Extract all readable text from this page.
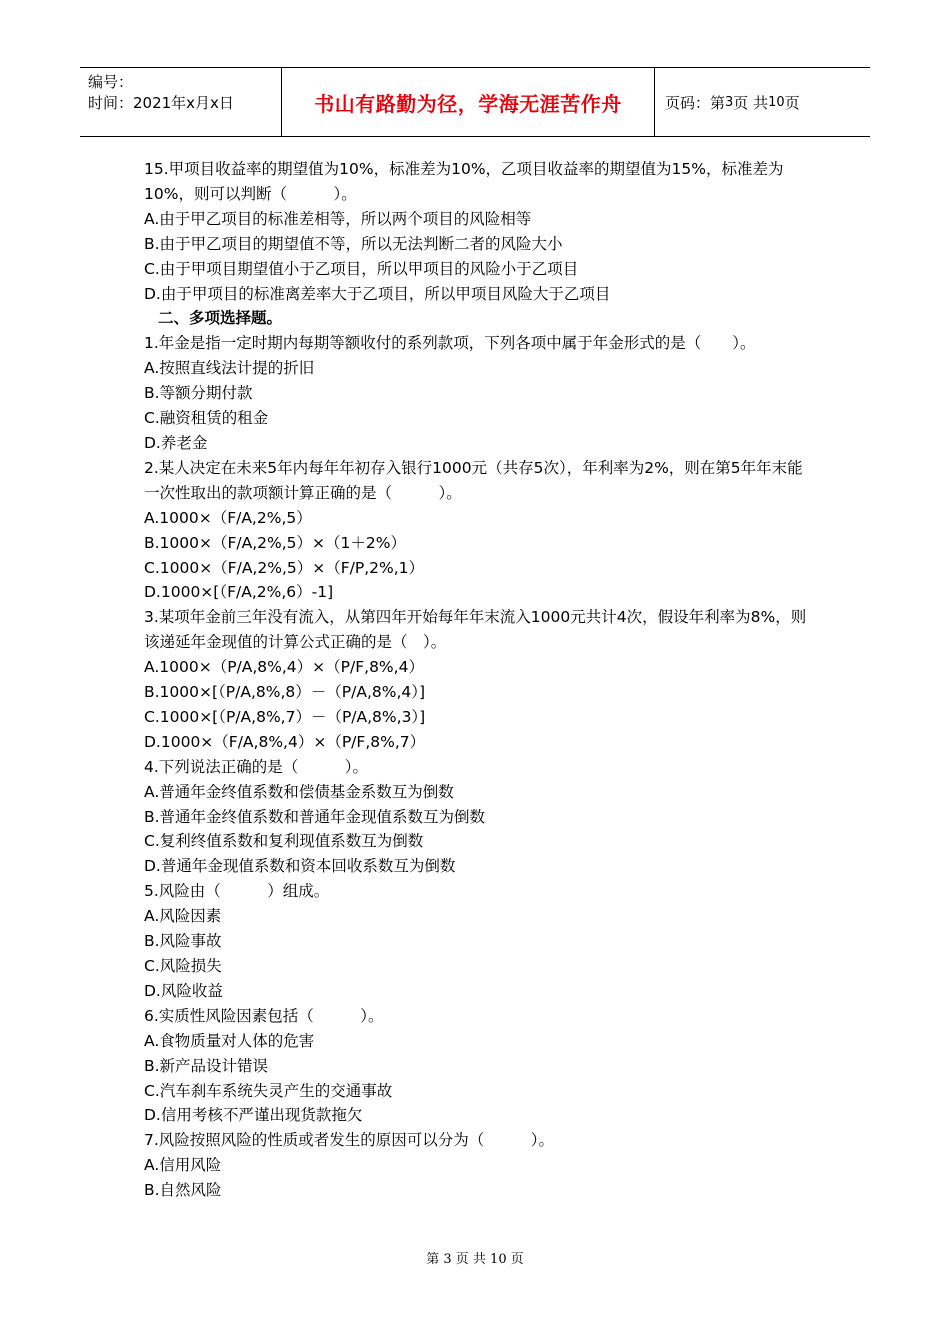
编号：
时间：2021年x月x日	书山有路勤为径，学海无涯苦作舟	页码：第 3 页 共 10 页

15.甲项目收益率的期望值为10%，标准差为10%，乙项目收益率的期望值为15%，标准差为10%，则可以判断（　　　）。

A.由于甲乙项目的标准差相等，所以两个项目的风险相等

B.由于甲乙项目的期望值不等，所以无法判断二者的风险大小

C.由于甲项目期望值小于乙项目，所以甲项目的风险小于乙项目

D.由于甲项目的标准离差率大于乙项目，所以甲项目风险大于乙项目

二、多项选择题。

1.年金是指一定时期内每期等额收付的系列款项，下列各项中属于年金形式的是（　　）。

A.按照直线法计提的折旧

B.等额分期付款

C.融资租赁的租金

D.养老金

2.某人决定在未来5年内每年年初存入银行1000元（共存5次），年利率为2%，则在第5年年末能一次性取出的款项额计算正确的是（　　　）。

A.1000×（F/A,2%,5）

B.1000×（F/A,2%,5）×（1＋2%）

C.1000×（F/A,2%,5）×（F/P,2%,1）

D.1000×[（F/A,2%,6）-1]

3.某项年金前三年没有流入，从第四年开始每年年末流入1000元共计4次，假设年利率为8%，则该递延年金现值的计算公式正确的是（　）。

A.1000×（P/A,8%,4）×（P/F,8%,4）

B.1000×[（P/A,8%,8）－（P/A,8%,4）]

C.1000×[（P/A,8%,7）－（P/A,8%,3）]

D.1000×（F/A,8%,4）×（P/F,8%,7）

4.下列说法正确的是（　　　）。

A.普通年金终值系数和偿债基金系数互为倒数

B.普通年金终值系数和普通年金现值系数互为倒数

C.复利终值系数和复利现值系数互为倒数

D.普通年金现值系数和资本回收系数互为倒数

5.风险由（　　　）组成。

A.风险因素

B.风险事故

C.风险损失

D.风险收益

6.实质性风险因素包括（　　　）。

A.食物质量对人体的危害

B.新产品设计错误

C.汽车刹车系统失灵产生的交通事故

D.信用考核不严谨出现货款拖欠

7.风险按照风险的性质或者发生的原因可以分为（　　　）。

A.信用风险

B.自然风险

第 3 页 共 10 页
